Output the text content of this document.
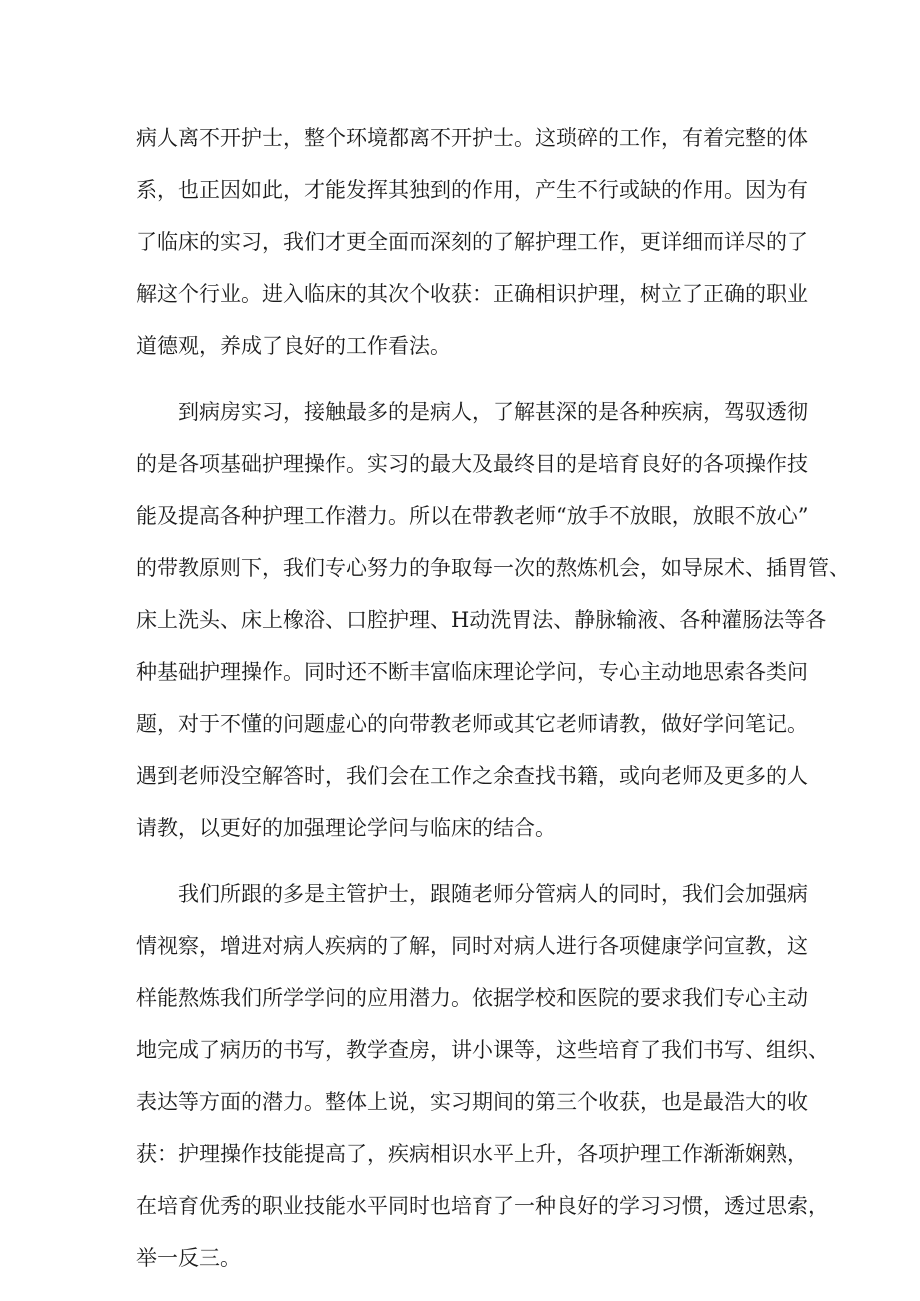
病人离不开护士，整个环境都离不开护士。这琐碎的工作，有着完整的体
系，也正因如此，才能发挥其独到的作用，产生不行或缺的作用。因为有
了临床的实习，我们才更全面而深刻的了解护理工作，更详细而详尽的了
解这个行业。进入临床的其次个收获：正确相识护理，树立了正确的职业
道德观，养成了良好的工作看法。
到病房实习，接触最多的是病人，了解甚深的是各种疾病，驾驭透彻
的是各项基础护理操作。实习的最大及最终目的是培育良好的各项操作技
能及提高各种护理工作潜力。所以在带教老师“放手不放眼，放眼不放心”
的带教原则下，我们专心努力的争取每一次的熬炼机会，如导尿术、插胃管、
床上洗头、床上橡浴、口腔护理、H动洗胃法、静脉输液、各种灌肠法等各
种基础护理操作。同时还不断丰富临床理论学问，专心主动地思索各类问
题，对于不懂的问题虚心的向带教老师或其它老师请教，做好学问笔记。
遇到老师没空解答时，我们会在工作之余查找书籍，或向老师及更多的人
请教，以更好的加强理论学问与临床的结合。
我们所跟的多是主管护士，跟随老师分管病人的同时，我们会加强病
情视察，增进对病人疾病的了解，同时对病人进行各项健康学问宣教，这
样能熬炼我们所学学问的应用潜力。依据学校和医院的要求我们专心主动
地完成了病历的书写，教学查房，讲小课等，这些培育了我们书写、组织、
表达等方面的潜力。整体上说，实习期间的第三个收获，也是最浩大的收
获：护理操作技能提高了，疾病相识水平上升，各项护理工作渐渐娴熟，
在培育优秀的职业技能水平同时也培育了一种良好的学习习惯，透过思索，
举一反三。
